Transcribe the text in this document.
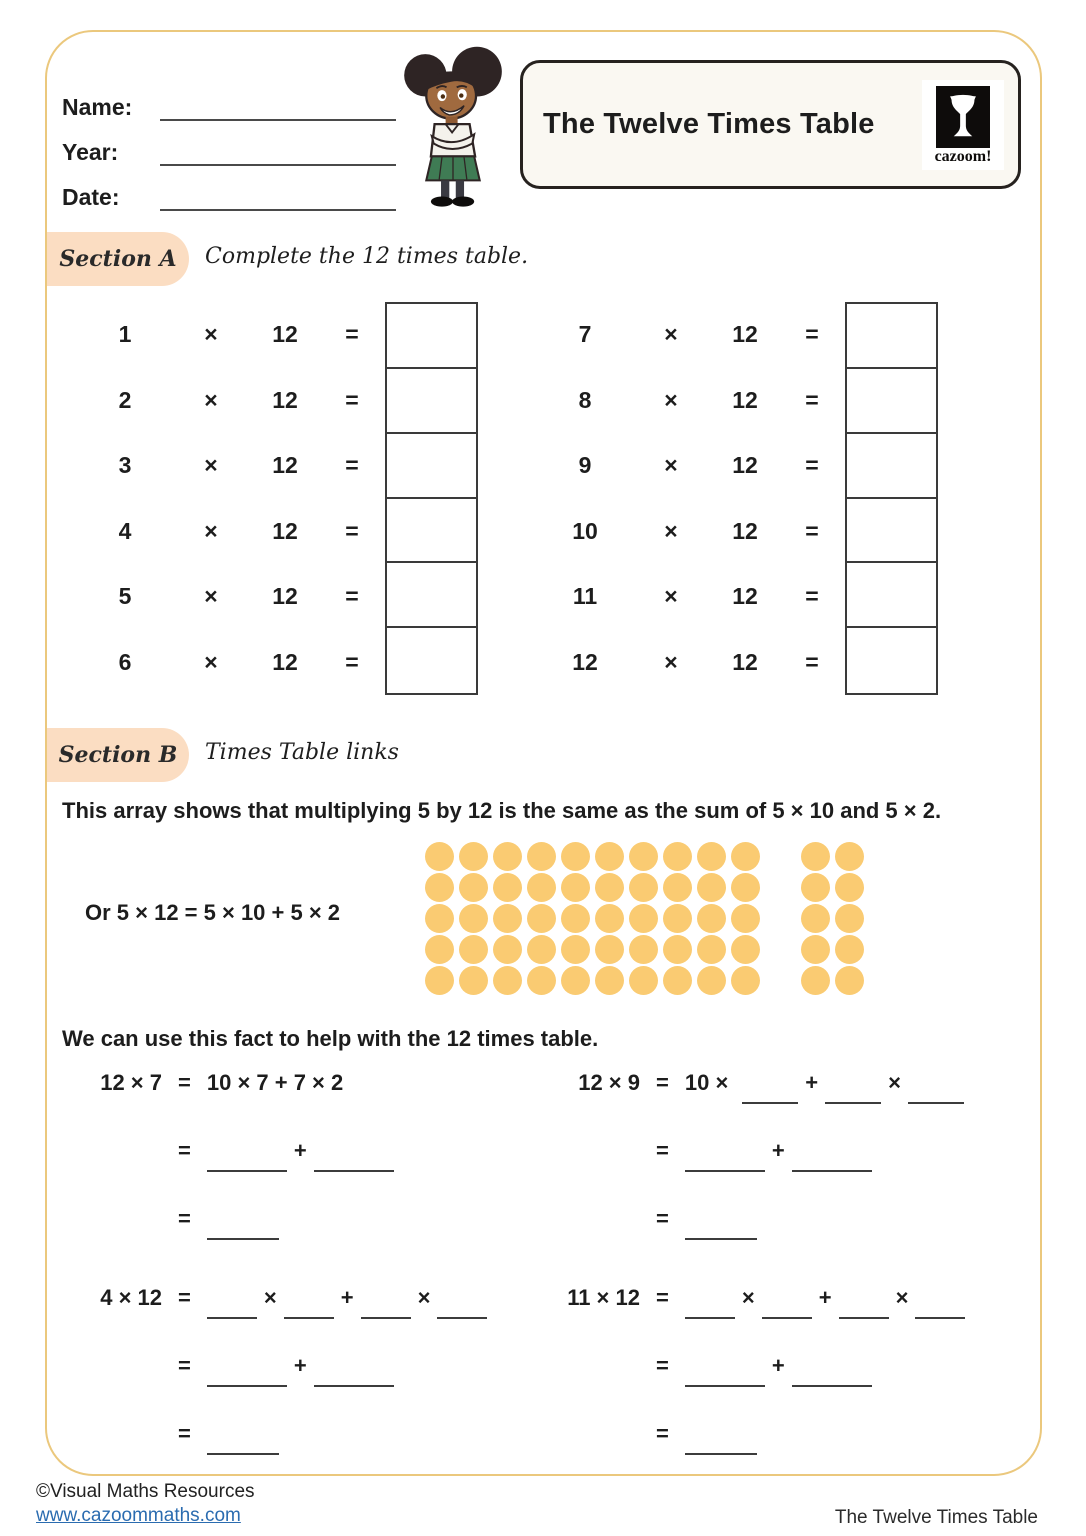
Name:
Year:
Date:
The Twelve Times Table
cazoom!
Section A	Complete the 12 times table.
1	×	12	=
2	×	12	=
3	×	12	=
4	×	12	=
5	×	12	=
6	×	12	=
7	×	12	=
8	×	12	=
9	×	12	=
10	×	12	=
11	×	12	=
12	×	12	=
Section B	Times Table links
This array shows that multiplying 5 by 12 is the same as the sum of 5 × 10 and 5 × 2.
Or 5 × 12 = 5 × 10 + 5 × 2
We can use this fact to help with the 12 times table.
12 × 7 = 10 × 7 + 7 × 2
=	+
=
12 × 9 = 10 ×	+	×
=	+
=
4 × 12 =	×	+	×
=	+
=
11 × 12 =	×	+	×
=	+
=
©Visual Maths Resources
www.cazoommaths.com	The Twelve Times Table
